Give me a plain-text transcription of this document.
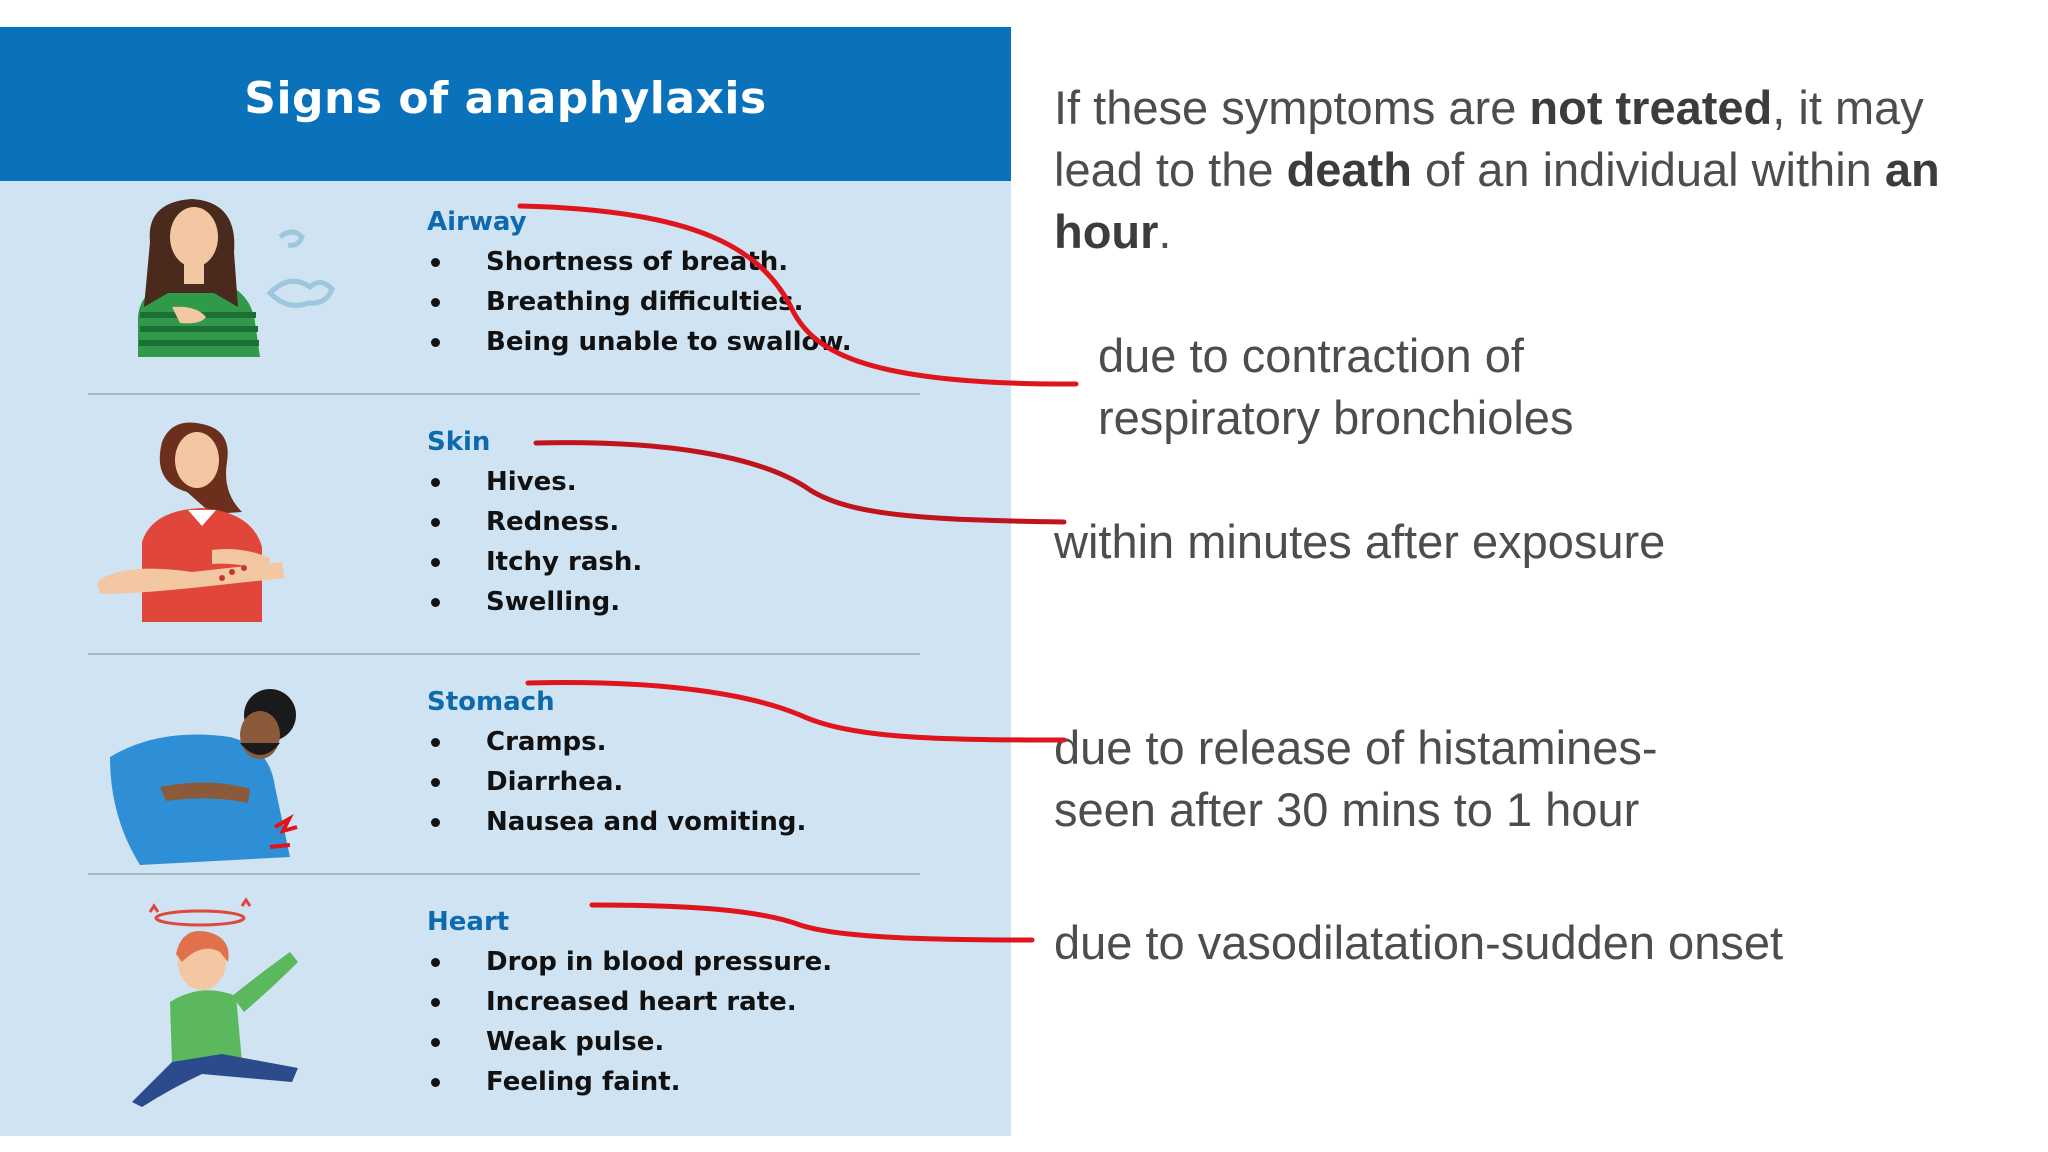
Signs of anaphylaxis
Airway
Shortness of breath.
Breathing difficulties.
Being unable to swallow.
Skin
Hives.
Redness.
Itchy rash.
Swelling.
Stomach
Cramps.
Diarrhea.
Nausea and vomiting.
Heart
Drop in blood pressure.
Increased heart rate.
Weak pulse.
Feeling faint.
If these symptoms are not treated, it may lead to the death of an individual within an hour.
due to contraction of
respiratory bronchioles
within minutes after exposure
due to release of histamines-
seen after 30 mins to 1 hour
due to vasodilatation-sudden onset
